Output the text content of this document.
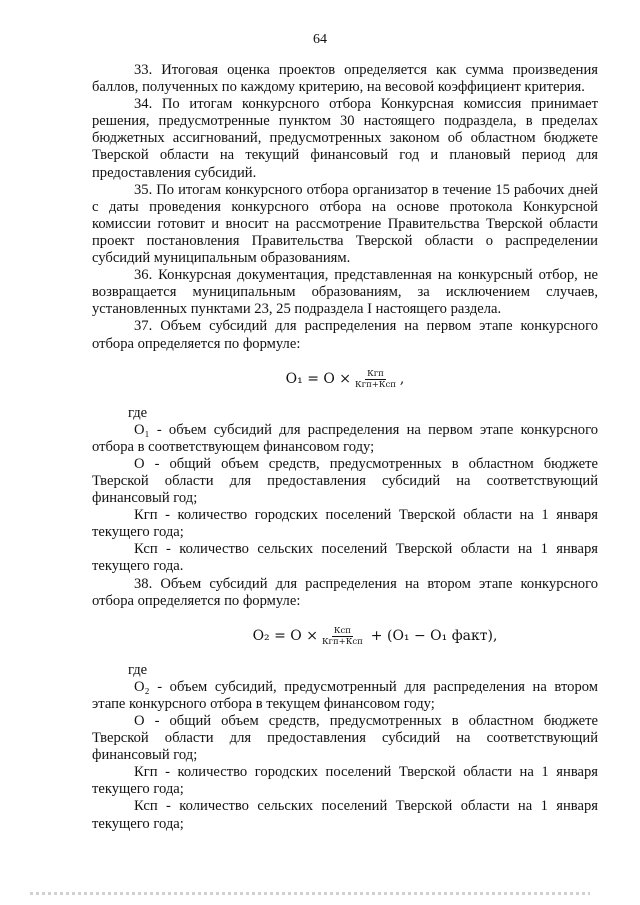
64

33. Итоговая оценка проектов определяется как сумма произведения баллов, полученных по каждому критерию, на весовой коэффициент критерия.

34. По итогам конкурсного отбора Конкурсная комиссия принимает решения, предусмотренные пунктом 30 настоящего подраздела, в пределах бюджетных ассигнований, предусмотренных законом об областном бюджете Тверской области на текущий финансовый год и плановый период для предоставления субсидий.

35. По итогам конкурсного отбора организатор в течение 15 рабочих дней с даты проведения конкурсного отбора на основе протокола Конкурсной комиссии готовит и вносит на рассмотрение Правительства Тверской области проект постановления Правительства Тверской области о распределении субсидий муниципальным образованиям.

36. Конкурсная документация, представленная на конкурсный отбор, не возвращается муниципальным образованиям, за исключением случаев, установленных пунктами 23, 25 подраздела I настоящего раздела.

37. Объем субсидий для распределения на первом этапе конкурсного отбора определяется по формуле:

$O_1 = O \times \frac{\text{Кгп}}{\text{Кгп+Ксп}}$ ,

где

O₁ - объем субсидий для распределения на первом этапе конкурсного отбора в соответствующем финансовом году;

O - общий объем средств, предусмотренных в областном бюджете Тверской области для предоставления субсидий на соответствующий финансовый год;

Кгп - количество городских поселений Тверской области на 1 января текущего года;

Ксп - количество сельских поселений Тверской области на 1 января текущего года.

38. Объем субсидий для распределения на втором этапе конкурсного отбора определяется по формуле:

$O_2 = O \times \frac{\text{Ксп}}{\text{Кгп+Ксп}} + (O_1 - O_1$ факт),

где

O₂ - объем субсидий, предусмотренный для распределения на втором этапе конкурсного отбора в текущем финансовом году;

O - общий объем средств, предусмотренных в областном бюджете Тверской области для предоставления субсидий на соответствующий финансовый год;

Кгп - количество городских поселений Тверской области на 1 января текущего года;

Ксп - количество сельских поселений Тверской области на 1 января текущего года;
